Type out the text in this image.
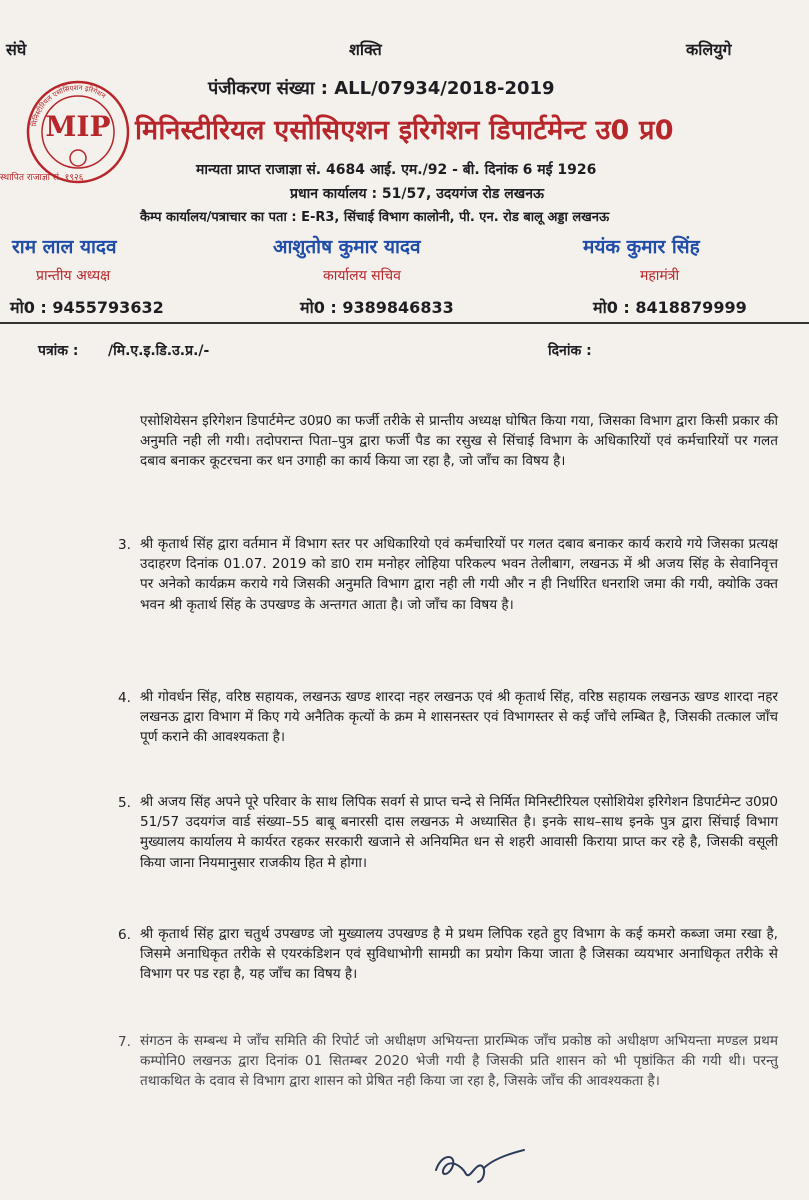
संघे	शक्ति	कलियुगे
मिनिस्टीरियल एसोसिएशन इरिगेशन
MIP
स्थापित राजाज्ञा सं. १९२६
पंजीकरण संख्या : ALL/07934/2018-2019
मिनिस्टीरियल एसोसिएशन इरिगेशन डिपार्टमेन्ट उ0 प्र0
मान्यता प्राप्त राजाज्ञा सं. 4684 आई. एम./92 - बी. दिनांक 6 मई 1926
प्रधान कार्यालय : 51/57, उदयगंज रोड लखनऊ
कैम्प कार्यालय/पत्राचार का पता : E-R3, सिंचाई विभाग कालोनी, पी. एन. रोड बालू अड्डा लखनऊ
राम लाल यादव
प्रान्तीय अध्यक्ष
मो0 : 9455793632
आशुतोष कुमार यादव
कार्यालय सचिव
मो0 : 9389846833
मयंक कुमार सिंह
महामंत्री
मो0 : 8418879999
पत्रांक : /मि.ए.इ.डि.उ.प्र./-	दिनांक :
एसोशियेसन इरिगेशन डिपार्टमेन्ट उ0प्र0 का फर्जी तरीके से प्रान्तीय अध्यक्ष घोषित किया गया, जिसका विभाग द्वारा किसी प्रकार की अनुमति नही ली गयी। तदोपरान्त पिता–पुत्र द्वारा फर्जी पैड का रसुख से सिंचाई विभाग के अधिकारियों एवं कर्मचारियों पर गलत दबाव बनाकर कूटरचना कर धन उगाही का कार्य किया जा रहा है, जो जाँच का विषय है।
3. श्री कृतार्थ सिंह द्वारा वर्तमान में विभाग स्तर पर अधिकारियो एवं कर्मचारियों पर गलत दबाव बनाकर कार्य कराये गये जिसका प्रत्यक्ष उदाहरण दिनांक 01.07. 2019 को डा0 राम मनोहर लोहिया परिकल्प भवन तेलीबाग, लखनऊ में श्री अजय सिंह के सेवानिवृत्त पर अनेको कार्यक्रम कराये गये जिसकी अनुमति विभाग द्वारा नही ली गयी और न ही निर्धारित धनराशि जमा की गयी, क्योकि उक्त भवन श्री कृतार्थ सिंह के उपखण्ड के अन्तगत आता है। जो जाँच का विषय है।
4. श्री गोवर्धन सिंह, वरिष्ठ सहायक, लखनऊ खण्ड शारदा नहर लखनऊ एवं श्री कृतार्थ सिंह, वरिष्ठ सहायक लखनऊ खण्ड शारदा नहर लखनऊ द्वारा विभाग में किए गये अनैतिक कृत्यों के क्रम मे शासनस्तर एवं विभागस्तर से कई जाँचे लम्बित है, जिसकी तत्काल जाँच पूर्ण कराने की आवश्यकता है।
5. श्री अजय सिंह अपने पूरे परिवार के साथ लिपिक सवर्ग से प्राप्त चन्दे से निर्मित मिनिस्टीरियल एसोशियेश इरिगेशन डिपार्टमेन्ट उ0प्र0 51/57 उदयगंज वार्ड संख्या–55 बाबू बनारसी दास लखनऊ मे अध्यासित है। इनके साथ–साथ इनके पुत्र द्वारा सिंचाई विभाग मुख्यालय कार्यालय मे कार्यरत रहकर सरकारी खजाने से अनियमित धन से शहरी आवासी किराया प्राप्त कर रहे है, जिसकी वसूली किया जाना नियमानुसार राजकीय हित मे होगा।
6. श्री कृतार्थ सिंह द्वारा चतुर्थ उपखण्ड जो मुख्यालय उपखण्ड है मे प्रथम लिपिक रहते हुए विभाग के कई कमरो कब्जा जमा रखा है, जिसमे अनाधिकृत तरीके से एयरकंडिशन एवं सुविधाभोगी सामग्री का प्रयोग किया जाता है जिसका व्ययभार अनाधिकृत तरीके से विभाग पर पड रहा है, यह जाँच का विषय है।
7. संगठन के सम्बन्ध मे जाँच समिति की रिपोर्ट जो अधीक्षण अभियन्ता प्रारम्भिक जाँच प्रकोष्ठ को अधीक्षण अभियन्ता मण्डल प्रथम कम्पोनि0 लखनऊ द्वारा दिनांक 01 सितम्बर 2020 भेजी गयी है जिसकी प्रति शासन को भी पृष्ठांकित की गयी थी। परन्तु तथाकथित के दवाव से विभाग द्वारा शासन को प्रेषित नही किया जा रहा है, जिसके जाँच की आवश्यकता है।
